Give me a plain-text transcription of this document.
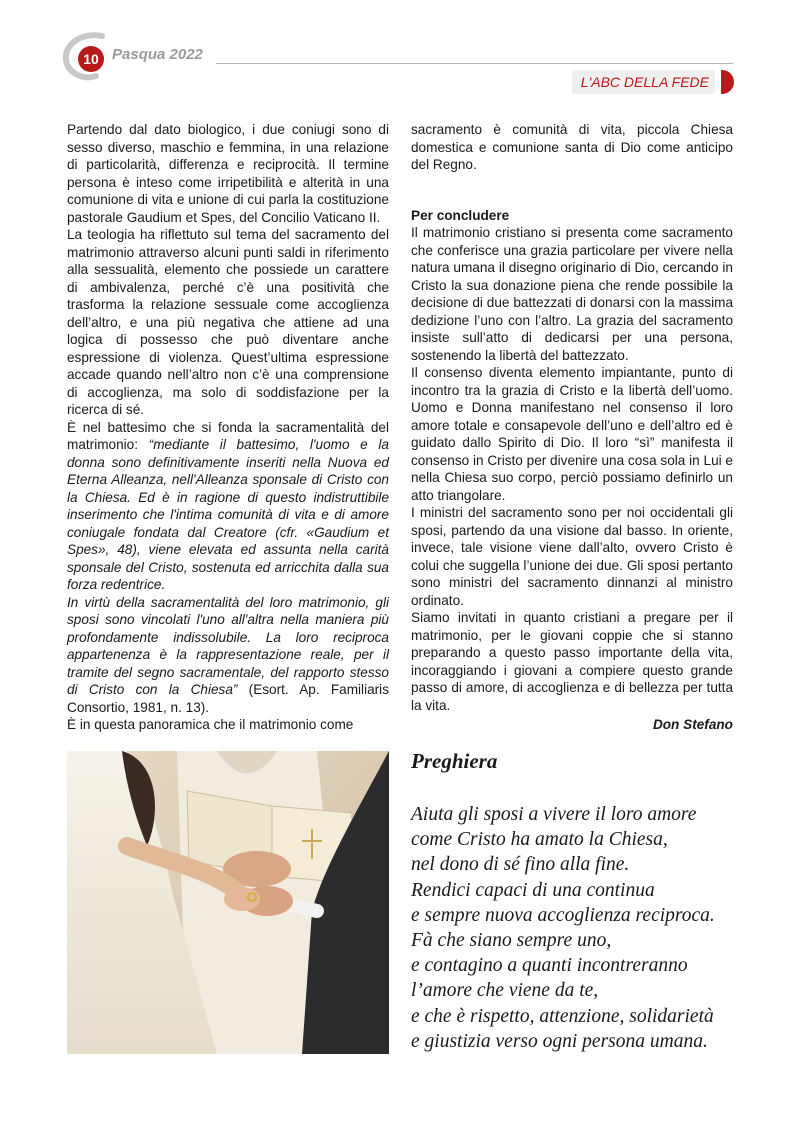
10 Pasqua 2022
L'ABC DELLA FEDE

Partendo dal dato biologico, i due coniugi sono di sesso diverso, maschio e femmina, in una relazione di particolarità, differenza e reciprocità. Il termine persona è inteso come irripetibilità e alterità in una comunione di vita e unione di cui parla la costituzione pastorale Gaudium et Spes, del Concilio Vaticano II.

La teologia ha riflettuto sul tema del sacramento del matrimonio attraverso alcuni punti saldi in riferimento alla sessualità, elemento che possiede un carattere di ambivalenza, perché c’è una positività che trasforma la relazione sessuale come accoglienza dell’altro, e una più negativa che attiene ad una logica di possesso che può diventare anche espressione di violenza. Quest’ultima espressione accade quando nell’altro non c’è una comprensione di accoglienza, ma solo di soddisfazione per la ricerca di sé.

È nel battesimo che si fonda la sacramentalità del matrimonio: “mediante il battesimo, l'uomo e la donna sono definitivamente inseriti nella Nuova ed Eterna Alleanza, nell'Alleanza sponsale di Cristo con la Chiesa. Ed è in ragione di questo indistruttibile inserimento che l'intima comunità di vita e di amore coniugale fondata dal Creatore (cfr. «Gaudium et Spes», 48), viene elevata ed assunta nella carità sponsale del Cristo, sostenuta ed arricchita dalla sua forza redentrice.

In virtù della sacramentalità del loro matrimonio, gli sposi sono vincolati l'uno all'altra nella maniera più profondamente indissolubile. La loro reciproca appartenenza è la rappresentazione reale, per il tramite del segno sacramentale, del rapporto stesso di Cristo con la Chiesa” (Esort. Ap. Familiaris Consortio, 1981, n. 13).

È in questa panoramica che il matrimonio come

sacramento è comunità di vita, piccola Chiesa domestica e comunione santa di Dio come anticipo del Regno.

Per concludere

Il matrimonio cristiano si presenta come sacramento che conferisce una grazia particolare per vivere nella natura umana il disegno originario di Dio, cercando in Cristo la sua donazione piena che rende possibile la decisione di due battezzati di donarsi con la massima dedizione l’uno con l’altro. La grazia del sacramento insiste sull’atto di dedicarsi per una persona, sostenendo la libertà del battezzato.

Il consenso diventa elemento impiantante, punto di incontro tra la grazia di Cristo e la libertà dell’uomo. Uomo e Donna manifestano nel consenso il loro amore totale e consapevole dell’uno e dell’altro ed è guidato dallo Spirito di Dio. Il loro “sì” manifesta il consenso in Cristo per divenire una cosa sola in Lui e nella Chiesa suo corpo, perciò possiamo definirlo un atto triangolare.

I ministri del sacramento sono per noi occidentali gli sposi, partendo da una visione dal basso. In oriente, invece, tale visione viene dall’alto, ovvero Cristo è colui che suggella l’unione dei due. Gli sposi pertanto sono ministri del sacramento dinnanzi al ministro ordinato.

Siamo invitati in quanto cristiani a pregare per il matrimonio, per le giovani coppie che si stanno preparando a questo passo importante della vita, incoraggiando i giovani a compiere questo grande passo di amore, di accoglienza e di bellezza per tutta la vita.

Don Stefano

Preghiera

Aiuta gli sposi a vivere il loro amore
come Cristo ha amato la Chiesa,
nel dono di sé fino alla fine.
Rendici capaci di una continua
e sempre nuova accoglienza reciproca.
Fà che siano sempre uno,
e contagino a quanti incontreranno
l’amore che viene da te,
e che è rispetto, attenzione, solidarietà
e giustizia verso ogni persona umana.
